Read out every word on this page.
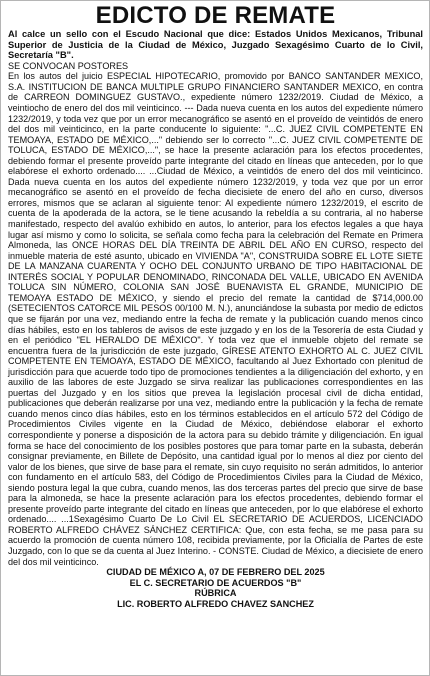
EDICTO DE REMATE

Al calce un sello con el Escudo Nacional que dice: Estados Unidos Mexicanos, Tribunal Superior de Justicia de la Ciudad de México, Juzgado Sexagésimo Cuarto de lo Civil, Secretaría "B".

SE CONVOCAN POSTORES

En los autos del juicio ESPECIAL HIPOTECARIO, promovido por BANCO SANTANDER MEXICO, S.A. INSTITUCION DE BANCA MULTIPLE GRUPO FINANCIERO SANTANDER MEXICO, en contra de CARREON DOMINGUEZ GUSTAVO., expediente número 1232/2019. Ciudad de México, a veintiocho de enero del dos mil veinticinco. --- Dada nueva cuenta en los autos del expediente número 1232/2019, y toda vez que por un error mecanográfico se asentó en el proveído de veintidós de enero del dos mil veinticinco, en la parte conducente lo siguiente: "...C. JUEZ CIVIL COMPETENTE EN TEMOAYA, ESTADO DE MÉXICO,..." debiendo ser lo correcto "...C. JUEZ CIVIL COMPETENTE DE TOLUCA, ESTADO DE MÉXICO,...", se hace la presente aclaración para los efectos procedentes, debiendo formar el presente proveído parte integrante del citado en líneas que anteceden, por lo que elabórese el exhorto ordenado.... ...Ciudad de México, a veintidós de enero del dos mil veinticinco. Dada nueva cuenta en los autos del expediente número 1232/2019, y toda vez que por un error mecanográfico se asentó en el proveído de fecha diecisiete de enero del año en curso, diversos errores, mismos que se aclaran al siguiente tenor: Al expediente número 1232/2019, el escrito de cuenta de la apoderada de la actora, se le tiene acusando la rebeldía a su contraria, al no haberse manifestado, respecto del avalúo exhibido en autos, lo anterior, para los efectos legales a que haya lugar así mismo y como lo solicita, se señala como fecha para la celebración del Remate en Primera Almoneda, las ONCE HORAS DEL DÍA TREINTA DE ABRIL DEL AÑO EN CURSO, respecto del inmueble materia de esté asunto, ubicado en VIVIENDA "A", CONSTRUIDA SOBRE EL LOTE SIETE DE LA MANZANA CUARENTA Y OCHO DEL CONJUNTO URBANO DE TIPO HABITACIONAL DE INTERÉS SOCIAL Y POPULAR DENOMINADO, RINCONADA DEL VALLE, UBICADO EN AVENIDA TOLUCA SIN NÚMERO, COLONIA SAN JOSÉ BUENAVISTA EL GRANDE, MUNICIPIO DE TEMOAYA ESTADO DE MÉXICO, y siendo el precio del remate la cantidad de $714,000.00 (SETECIENTOS CATORCE MIL PESOS 00/100 M. N.), anunciándose la subasta por medio de edictos que se fijarán por una vez, mediando entre la fecha de remate y la publicación cuando menos cinco días hábiles, esto en los tableros de avisos de este juzgado y en los de la Tesorería de esta Ciudad y en el periódico "EL HERALDO DE MÉXICO". Y toda vez que el inmueble objeto del remate se encuentra fuera de la jurisdicción de este juzgado, GÍRESE ATENTO EXHORTO AL C. JUEZ CIVIL COMPETENTE EN TEMOAYA, ESTADO DE MÉXICO, facultando al Juez Exhortado con plenitud de jurisdicción para que acuerde todo tipo de promociones tendientes a la diligenciación del exhorto, y en auxilio de las labores de este Juzgado se sirva realizar las publicaciones correspondientes en las puertas del Juzgado y en los sitios que prevea la legislación procesal civil de dicha entidad, publicaciones que deberán realizarse por una vez, mediando entre la publicación y la fecha de remate cuando menos cinco días hábiles, esto en los términos establecidos en el artículo 572 del Código de Procedimientos Civiles vigente en la Ciudad de México, debiéndose elaborar el exhorto correspondiente y ponerse a disposición de la actora para su debido trámite y diligenciación. En igual forma se hace del conocimiento de los posibles postores que para tomar parte en la subasta, deberán consignar previamente, en Billete de Depósito, una cantidad igual por lo menos al diez por ciento del valor de los bienes, que sirve de base para el remate, sin cuyo requisito no serán admitidos, lo anterior con fundamento en el artículo 583, del Código de Procedimientos Civiles para la Ciudad de México, siendo postura legal la que cubra, cuando menos, las dos terceras partes del precio que sirve de base para la almoneda, se hace la presente aclaración para los efectos procedentes, debiendo formar el presente proveído parte integrante del citado en líneas que anteceden, por lo que elabórese el exhorto ordenado.... ...1Sexagésimo Cuarto De Lo Civil EL SECRETARIO DE ACUERDOS, LICENCIADO ROBERTO ALFREDO CHÁVEZ SÁNCHEZ CERTIFICA: Que, con esta fecha, se me pasa para su acuerdo la promoción de cuenta número 108, recibida previamente, por la Oficialía de Partes de este Juzgado, con lo que se da cuenta al Juez Interino. - CONSTE. Ciudad de México, a diecisiete de enero del dos mil veinticinco.

CIUDAD DE MÉXICO A, 07 DE FEBRERO DEL 2025

EL C. SECRETARIO DE ACUERDOS "B"

RÚBRICA

LIC. ROBERTO ALFREDO CHAVEZ SANCHEZ
